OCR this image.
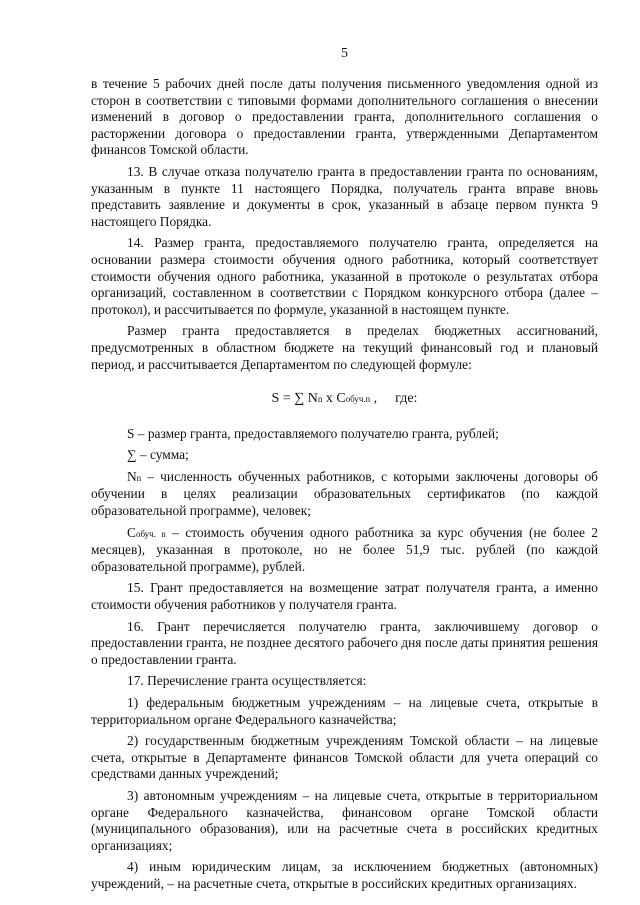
5

в течение 5 рабочих дней после даты получения письменного уведомления одной из сторон в соответствии с типовыми формами дополнительного соглашения о внесении изменений в договор о предоставлении гранта, дополнительного соглашения о расторжении договора о предоставлении гранта, утвержденными Департаментом финансов Томской области.

13. В случае отказа получателю гранта в предоставлении гранта по основаниям, указанным в пункте 11 настоящего Порядка, получатель гранта вправе вновь представить заявление и документы в срок, указанный в абзаце первом пункта 9 настоящего Порядка.

14. Размер гранта, предоставляемого получателю гранта, определяется на основании размера стоимости обучения одного работника, который соответствует стоимости обучения одного работника, указанной в протоколе о результатах отбора организаций, составленном в соответствии с Порядком конкурсного отбора (далее – протокол), и рассчитывается по формуле, указанной в настоящем пункте.

Размер гранта предоставляется в пределах бюджетных ассигнований, предусмотренных в областном бюджете на текущий финансовый год и плановый период, и рассчитывается Департаментом по следующей формуле:

S = ∑ Nn x Собуч.n , где:

S – размер гранта, предоставляемого получателю гранта, рублей;

∑ – сумма;

Nn – численность обученных работников, с которыми заключены договоры об обучении в целях реализации образовательных сертификатов (по каждой образовательной программе), человек;

Собуч. n – стоимость обучения одного работника за курс обучения (не более 2 месяцев), указанная в протоколе, но не более 51,9 тыс. рублей (по каждой образовательной программе), рублей.

15. Грант предоставляется на возмещение затрат получателя гранта, а именно стоимости обучения работников у получателя гранта.

16. Грант перечисляется получателю гранта, заключившему договор о предоставлении гранта, не позднее десятого рабочего дня после даты принятия решения о предоставлении гранта.

17. Перечисление гранта осуществляется:

1) федеральным бюджетным учреждениям – на лицевые счета, открытые в территориальном органе Федерального казначейства;

2) государственным бюджетным учреждениям Томской области – на лицевые счета, открытые в Департаменте финансов Томской области для учета операций со средствами данных учреждений;

3) автономным учреждениям – на лицевые счета, открытые в территориальном органе Федерального казначейства, финансовом органе Томской области (муниципального образования), или на расчетные счета в российских кредитных организациях;

4) иным юридическим лицам, за исключением бюджетных (автономных) учреждений, – на расчетные счета, открытые в российских кредитных организациях.
